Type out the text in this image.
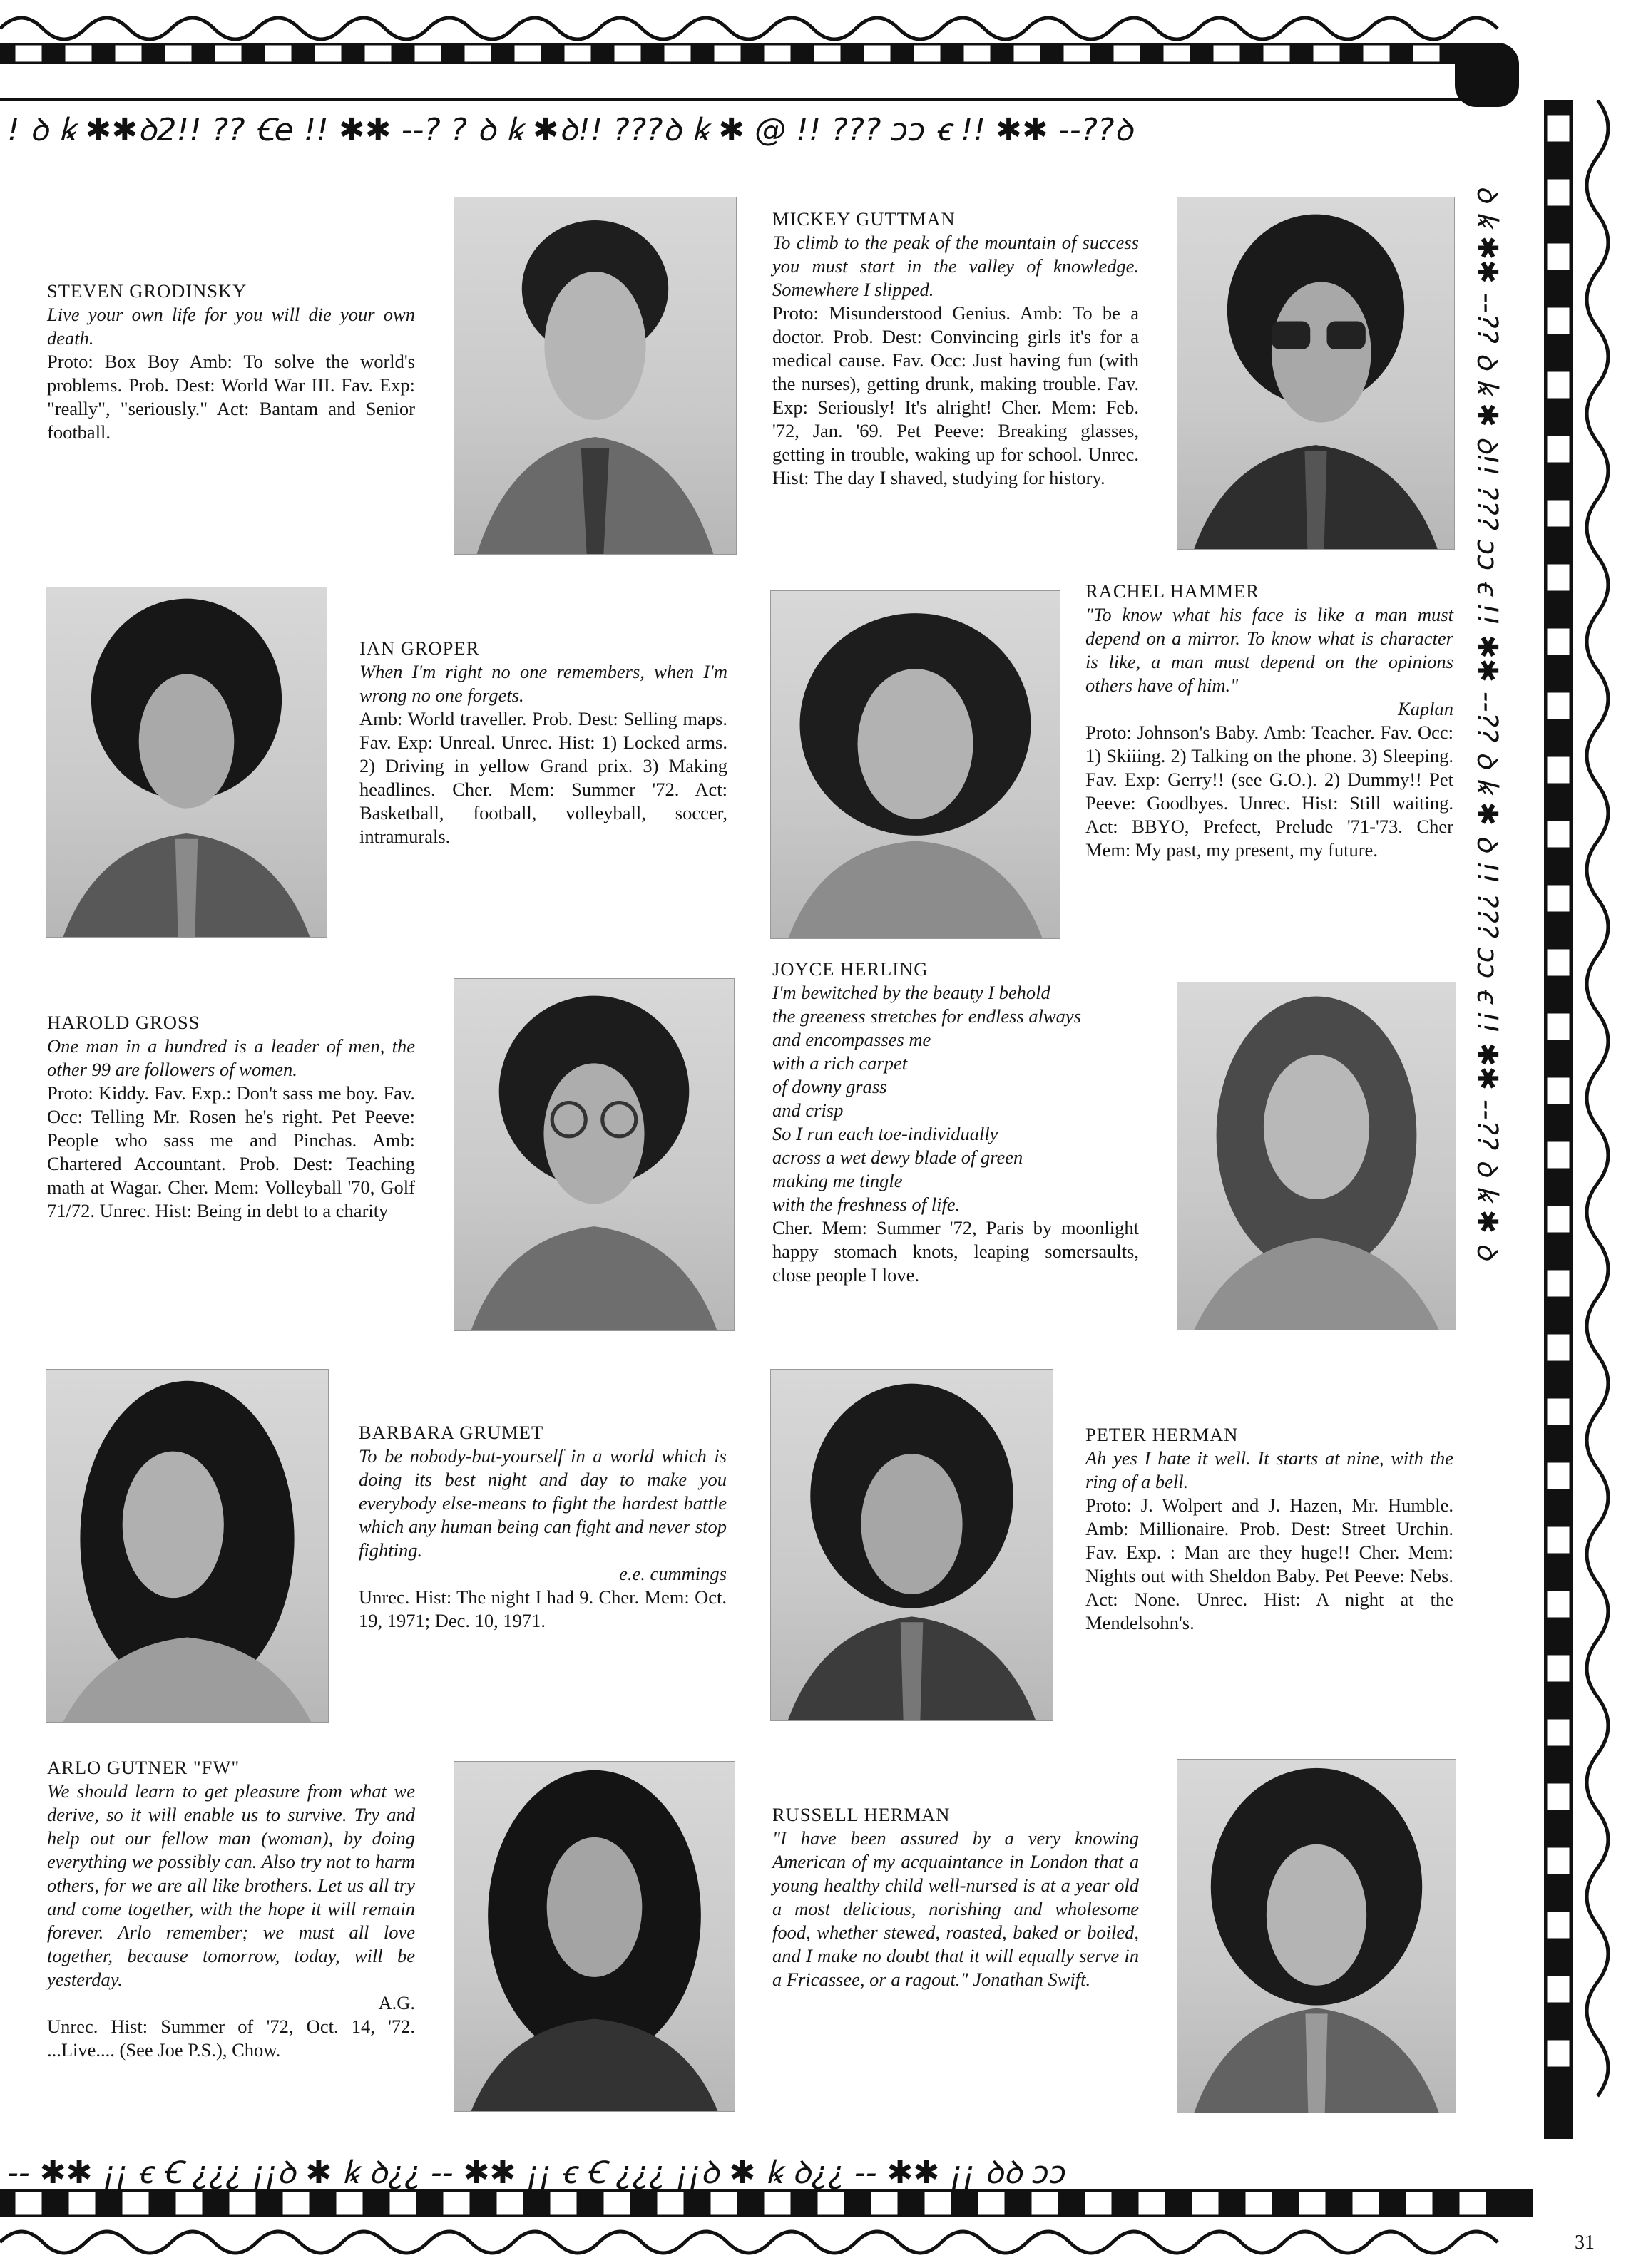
! ꝺ ꝃ ✱✱ꝺ2!! ?? Ꞓe !! ✱✱ --? ? ꝺ ꝃ ✱ꝺ!! ???ꝺ ꝃ ✱ @ !! ??? ɔɔ ꞓ !! ✱✱ --??ꝺ
ꝺ ꝃ ✱✱ --?? ꝺ ꝃ ✱ ꝺ!! ??? ɔɔ ꞓ !! ✱✱ --?? ꝺ ꝃ ✱ ꝺ !! ??? ɔɔ ꞓ !! ✱✱ --?? ꝺ ꝃ ✱ ꝺ
-- ✱✱ ¡¡ ꞓ Ꞓ ¿¿¿ ¡¡ꝺ ✱ ꝃ ꝺ¿¿ -- ✱✱ ¡¡ ꞓ Ꞓ ¿¿¿ ¡¡ꝺ ✱ ꝃ ꝺ¿¿ -- ✱✱ ¡¡ ꝺꝺ ɔɔ
31

STEVEN GRODINSKY

Live your own life for you will die your own death.

Proto: Box Boy Amb: To solve the world's problems. Prob. Dest: World War III. Fav. Exp: "really", "seriously." Act: Bantam and Senior football.

MICKEY GUTTMAN

To climb to the peak of the mountain of success you must start in the valley of knowledge. Somewhere I slipped.

Proto: Misunderstood Genius. Amb: To be a doctor. Prob. Dest: Convincing girls it's for a medical cause. Fav. Occ: Just having fun (with the nurses), getting drunk, making trouble. Fav. Exp: Seriously! It's alright! Cher. Mem: Feb. '72, Jan. '69. Pet Peeve: Breaking glasses, getting in trouble, waking up for school. Unrec. Hist: The day I shaved, studying for history.

IAN GROPER

When I'm right no one remembers, when I'm wrong no one forgets.

Amb: World traveller. Prob. Dest: Selling maps. Fav. Exp: Unreal. Unrec. Hist: 1) Locked arms. 2) Driving in yellow Grand prix. 3) Making headlines. Cher. Mem: Summer '72. Act: Basketball, football, volleyball, soccer, intramurals.

RACHEL HAMMER

"To know what his face is like a man must depend on a mirror. To know what is character is like, a man must depend on the opinions others have of him."

Kaplan

Proto: Johnson's Baby. Amb: Teacher. Fav. Occ: 1) Skiiing. 2) Talking on the phone. 3) Sleeping. Fav. Exp: Gerry!! (see G.O.). 2) Dummy!! Pet Peeve: Goodbyes. Unrec. Hist: Still waiting. Act: BBYO, Prefect, Prelude '71-'73. Cher Mem: My past, my present, my future.

HAROLD GROSS

One man in a hundred is a leader of men, the other 99 are followers of women.

Proto: Kiddy. Fav. Exp.: Don't sass me boy. Fav. Occ: Telling Mr. Rosen he's right. Pet Peeve: People who sass me and Pinchas. Amb: Chartered Accountant. Prob. Dest: Teaching math at Wagar. Cher. Mem: Volleyball '70, Golf 71/72. Unrec. Hist: Being in debt to a charity

JOYCE HERLING

I'm bewitched by the beauty I behold

the greeness stretches for endless always

and encompasses me

with a rich carpet

of downy grass

and crisp

So I run each toe-individually

across a wet dewy blade of green

making me tingle

with the freshness of life.

Cher. Mem: Summer '72, Paris by moonlight happy stomach knots, leaping somersaults, close people I love.

BARBARA GRUMET

To be nobody-but-yourself in a world which is doing its best night and day to make you everybody else-means to fight the hardest battle which any human being can fight and never stop fighting.

e.e. cummings

Unrec. Hist: The night I had 9. Cher. Mem: Oct. 19, 1971; Dec. 10, 1971.

PETER HERMAN

Ah yes I hate it well. It starts at nine, with the ring of a bell.

Proto: J. Wolpert and J. Hazen, Mr. Humble. Amb: Millionaire. Prob. Dest: Street Urchin. Fav. Exp. : Man are they huge!! Cher. Mem: Nights out with Sheldon Baby. Pet Peeve: Nebs. Act: None. Unrec. Hist: A night at the Mendelsohn's.

ARLO GUTNER "FW"

We should learn to get pleasure from what we derive, so it will enable us to survive. Try and help out our fellow man (woman), by doing everything we possibly can. Also try not to harm others, for we are all like brothers. Let us all try and come together, with the hope it will remain forever. Arlo remember; we must all love together, because tomorrow, today, will be yesterday.

A.G.

Unrec. Hist: Summer of '72, Oct. 14, '72. ...Live.... (See Joe P.S.), Chow.

RUSSELL HERMAN

"I have been assured by a very knowing American of my acquaintance in London that a young healthy child well-nursed is at a year old a most delicious, norishing and wholesome food, whether stewed, roasted, baked or boiled, and I make no doubt that it will equally serve in a Fricassee, or a ragout." Jonathan Swift.
